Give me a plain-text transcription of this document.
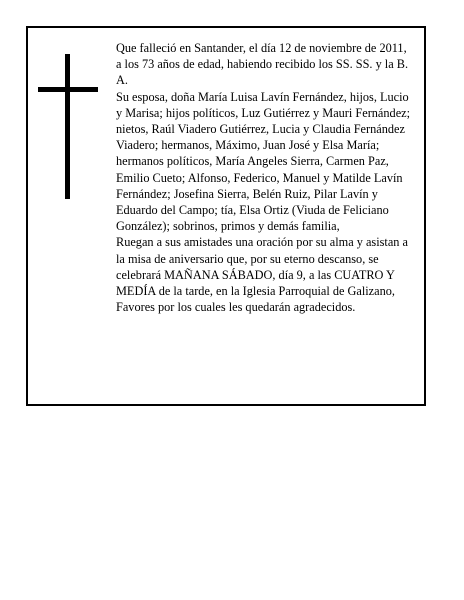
Que falleció en Santander, el día 12 de noviembre de 2011, a los 73 años de edad, habiendo recibido los SS. SS. y la B. A.

Su esposa, doña María Luisa Lavín Fernández, hijos, Lucio y Marisa; hijos políticos, Luz Gutiérrez y Mauri Fernández; nietos, Raúl Viadero Gutiérrez, Lucia y Claudia Fernández Viadero; hermanos, Máximo, Juan José y Elsa María; hermanos políticos, María Angeles Sierra, Carmen Paz, Emilio Cueto; Alfonso, Federico, Manuel y Matilde Lavín Fernández; Josefina Sierra, Belén Ruiz, Pilar Lavín y Eduardo del Campo; tía, Elsa Ortiz (Viuda de Feliciano González); sobrinos, primos y demás familia,

Ruegan a sus amistades una oración por su alma y asistan a la misa de aniversario que, por su eterno descanso, se celebrará MAÑANA SÁBADO, día 9, a las CUATRO Y MEDÍA de la tarde, en la Iglesia Parroquial de Galizano, Favores por los cuales les quedarán agradecidos.
